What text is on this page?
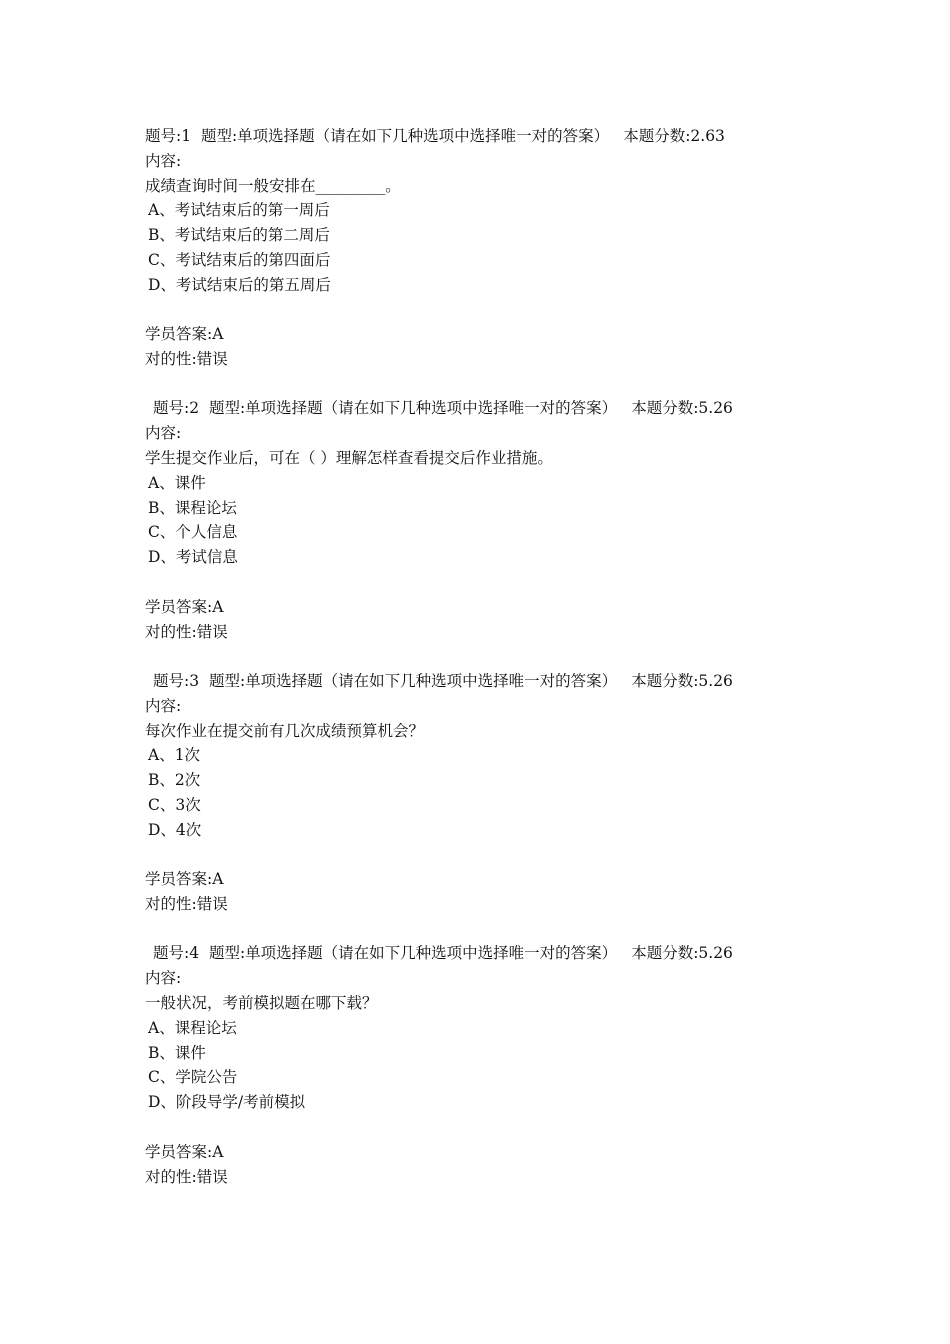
题号:1 题型:单项选择题（请在如下几种选项中选择唯一对的答案） 本题分数:2.63
内容:
成绩查询时间一般安排在_________。
A、考试结束后的第一周后
B、考试结束后的第二周后
C、考试结束后的第四面后
D、考试结束后的第五周后
学员答案:A
对的性:错误
题号:2 题型:单项选择题（请在如下几种选项中选择唯一对的答案） 本题分数:5.26
内容:
学生提交作业后，可在（ ）理解怎样查看提交后作业措施。
A、课件
B、课程论坛
C、个人信息
D、考试信息
学员答案:A
对的性:错误
题号:3 题型:单项选择题（请在如下几种选项中选择唯一对的答案） 本题分数:5.26
内容:
每次作业在提交前有几次成绩预算机会？
A、1次
B、2次
C、3次
D、4次
学员答案:A
对的性:错误
题号:4 题型:单项选择题（请在如下几种选项中选择唯一对的答案） 本题分数:5.26
内容:
一般状况，考前模拟题在哪下载？
A、课程论坛
B、课件
C、学院公告
D、阶段导学/考前模拟
学员答案:A
对的性:错误
